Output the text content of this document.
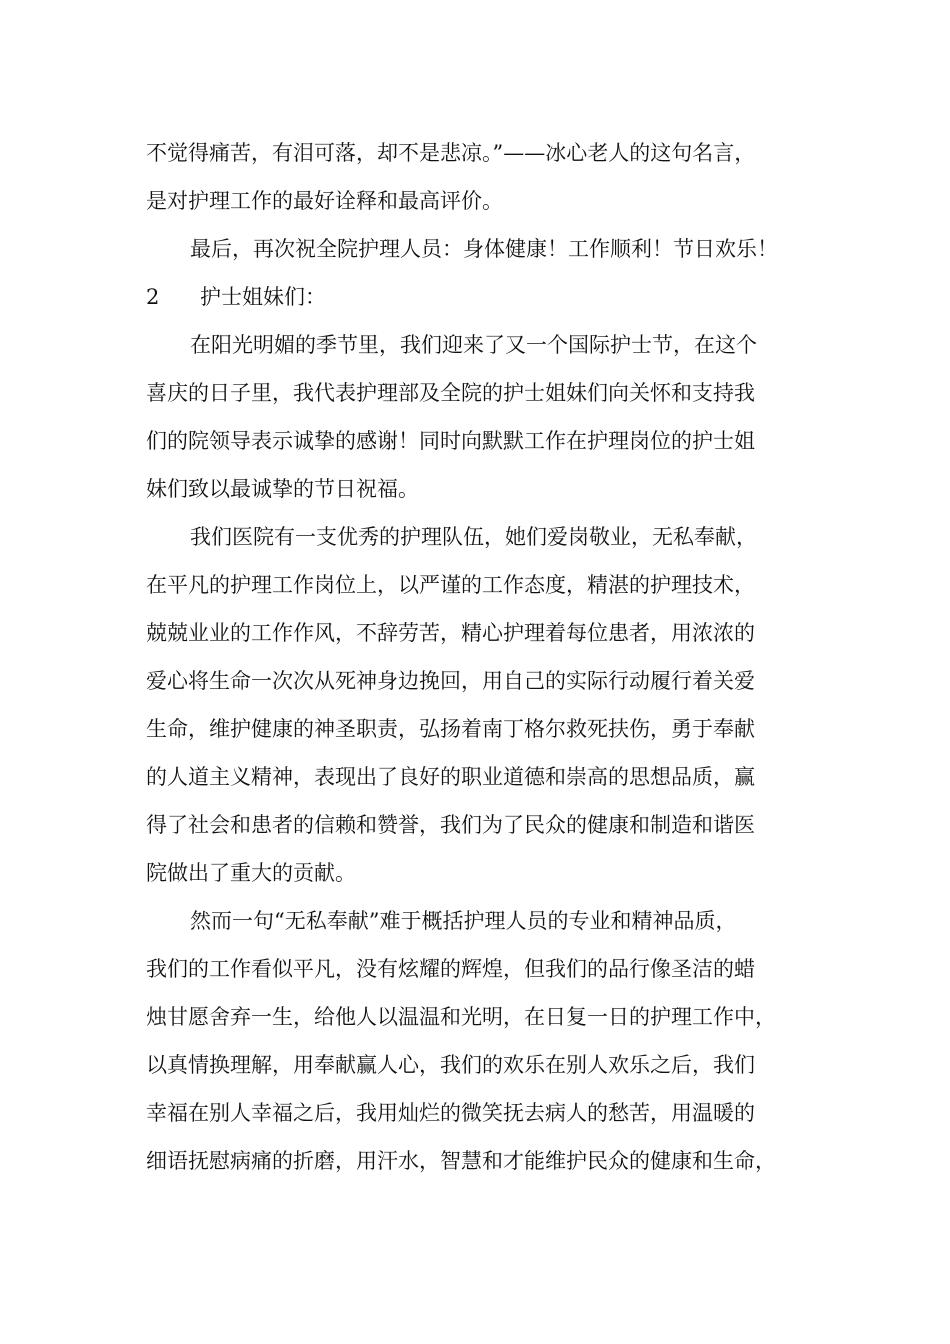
不觉得痛苦，有泪可落，却不是悲凉。”——冰心老人的这句名言，
是对护理工作的最好诠释和最高评价。
最后，再次祝全院护理人员：身体健康！工作顺利！节日欢乐！
2 护士姐妹们：
在阳光明媚的季节里，我们迎来了又一个国际护士节，在这个
喜庆的日子里，我代表护理部及全院的护士姐妹们向关怀和支持我
们的院领导表示诚挚的感谢！同时向默默工作在护理岗位的护士姐
妹们致以最诚挚的节日祝福。
我们医院有一支优秀的护理队伍，她们爱岗敬业，无私奉献，
在平凡的护理工作岗位上，以严谨的工作态度，精湛的护理技术，
兢兢业业的工作作风，不辞劳苦，精心护理着每位患者，用浓浓的
爱心将生命一次次从死神身边挽回，用自己的实际行动履行着关爱
生命，维护健康的神圣职责，弘扬着南丁格尔救死扶伤，勇于奉献
的人道主义精神，表现出了良好的职业道德和崇高的思想品质，赢
得了社会和患者的信赖和赞誉，我们为了民众的健康和制造和谐医
院做出了重大的贡献。
然而一句“无私奉献”难于概括护理人员的专业和精神品质，
我们的工作看似平凡，没有炫耀的辉煌，但我们的品行像圣洁的蜡
烛甘愿舍弃一生，给他人以温温和光明，在日复一日的护理工作中，
以真情换理解，用奉献赢人心，我们的欢乐在别人欢乐之后，我们
幸福在别人幸福之后，我用灿烂的微笑抚去病人的愁苦，用温暖的
细语抚慰病痛的折磨，用汗水，智慧和才能维护民众的健康和生命，
